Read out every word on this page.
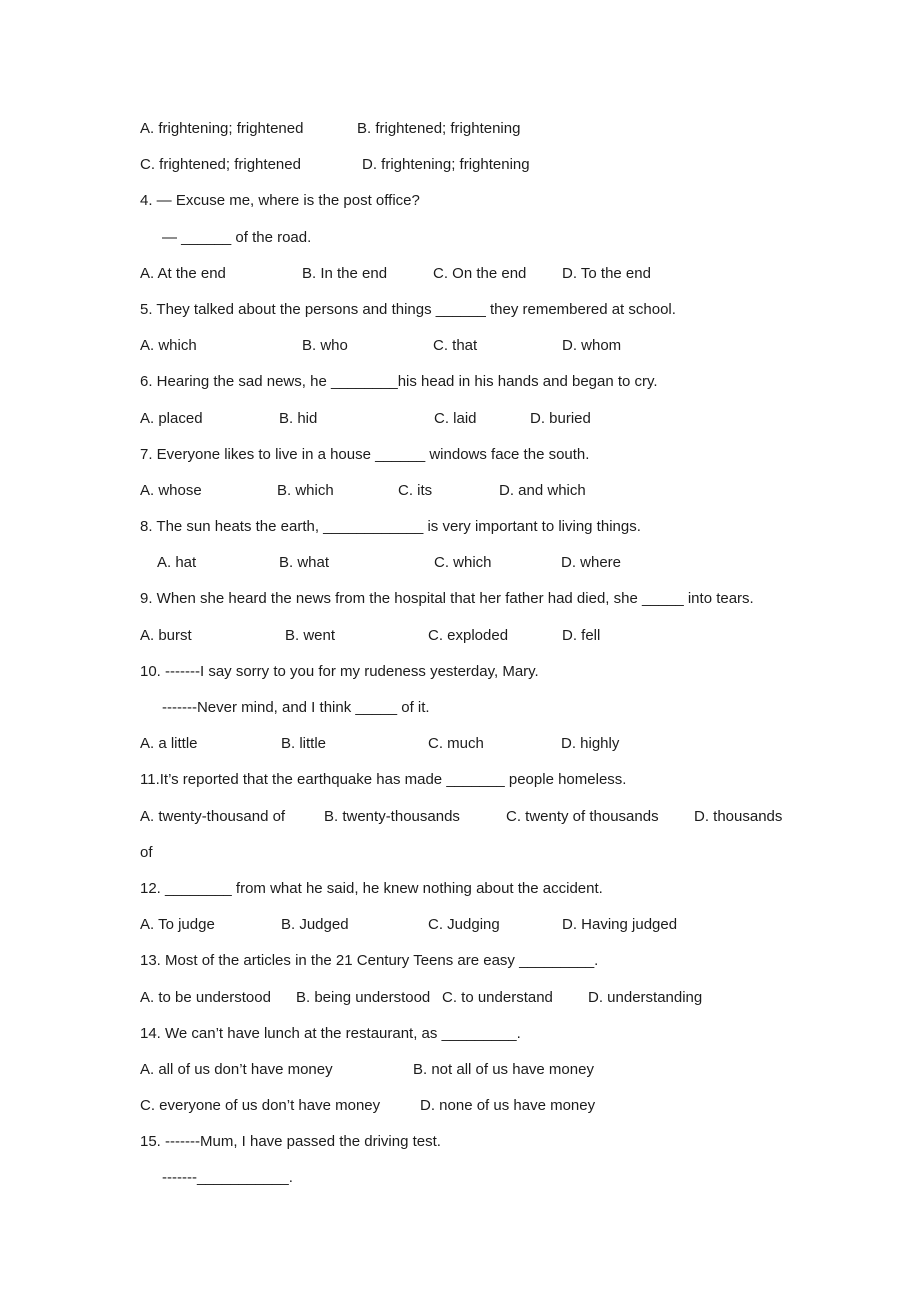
A. frightening; frightened	B. frightened; frightening
C. frightened; frightened	D. frightening; frightening
4. — Excuse me, where is the post office?
— ______ of the road.
A. At the end	B. In the end	C. On the end D. To the end
5. They talked about the persons and things ______ they remembered at school.
A. which	B. who	C. that	D. whom
6. Hearing the sad news, he ________his head in his hands and began to cry.
A. placed	B. hid	C. laid	D. buried
7. Everyone likes to live in a house ______ windows face the south.
A. whose	B. which	C. its	D. and which
8. The sun heats the earth, ____________ is very important to living things.
A. hat	B. what	C. which	D. where
9. When she heard the news from the hospital that her father had died, she _____ into tears.
A. burst	B. went	C. exploded	D. fell
10. -------I say sorry to you for my rudeness yesterday, Mary.
-------Never mind, and I think _____ of it.
A. a little	B. little	C. much	D. highly
11.It’s reported that the earthquake has made _______ people homeless.
A. twenty-thousand of	B. twenty-thousands	C. twenty of thousands D. thousands
of
12. ________ from what he said, he knew nothing about the accident.
A. To judge	B. Judged	C. Judging	D. Having judged
13. Most of the articles in the 21 Century Teens are easy _________.
A. to be understood B. being understood C. to understand D. understanding
14. We can’t have lunch at the restaurant, as _________.
A. all of us don’t have money	B. not all of us have money
C. everyone of us don’t have money	D. none of us have money
15. -------Mum, I have passed the driving test.
-------___________.
